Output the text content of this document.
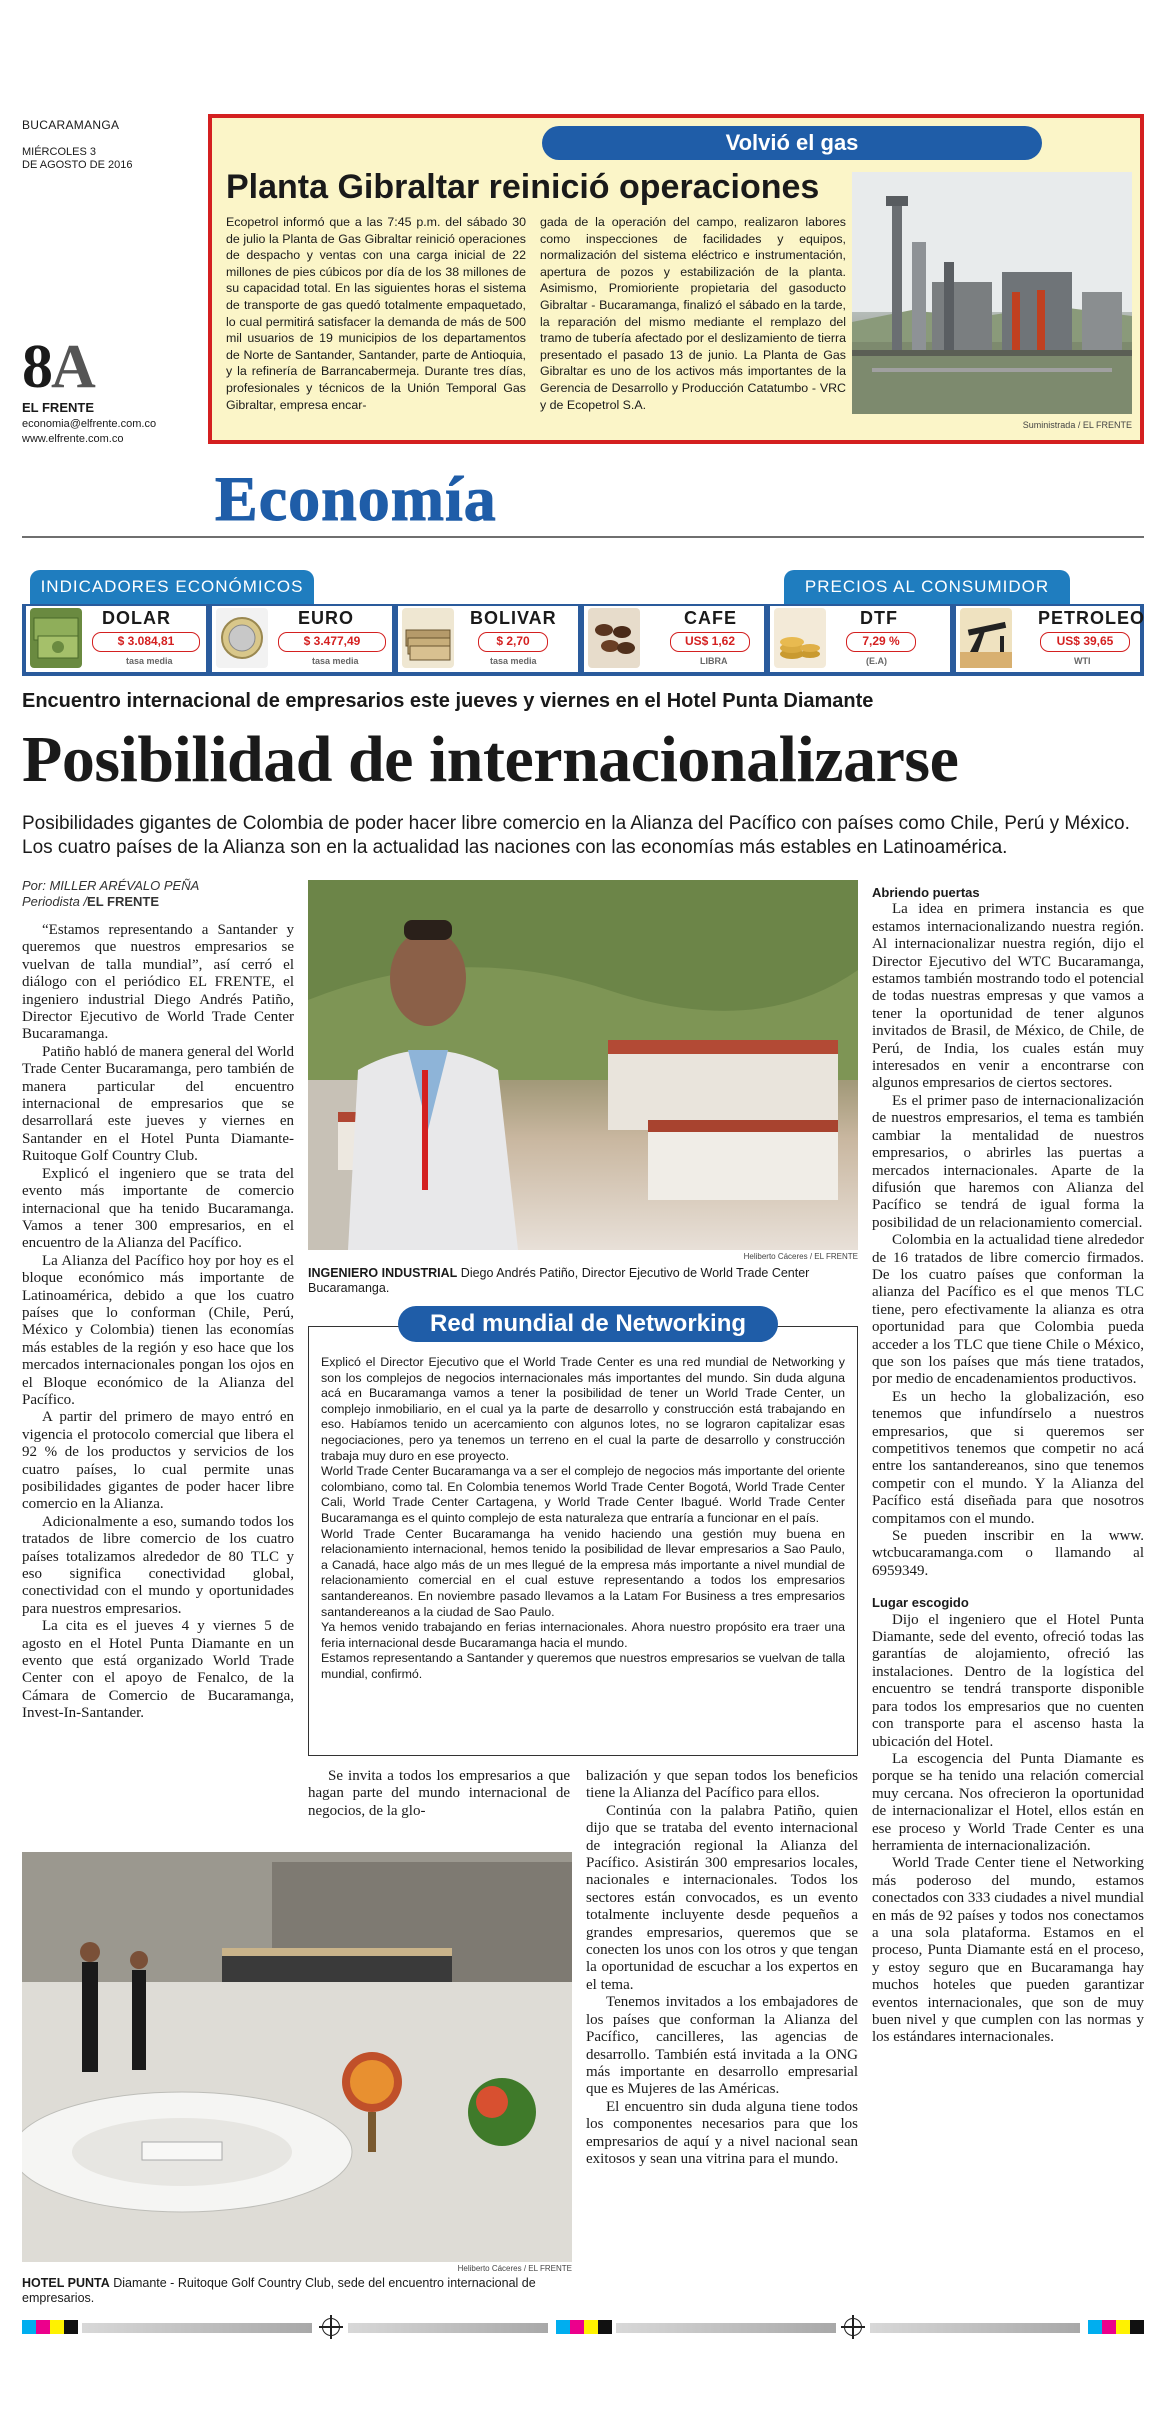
BUCARAMANGA
MIÉRCOLES 3
DE AGOSTO DE 2016
8A
EL FRENTE
economia@elfrente.com.co
www.elfrente.com.co
Volvió el gas
Planta Gibraltar reinició operaciones
Ecopetrol informó que a las 7:45 p.m. del sábado 30 de julio la Planta de Gas Gibraltar reinició operaciones de despacho y ventas con una carga inicial de 22 millones de pies cúbicos por día de los 38 millones de su capacidad total. En las siguientes horas el sistema de transporte de gas quedó totalmente empaquetado, lo cual permitirá satisfacer la demanda de más de 500 mil usuarios de 19 municipios de los departamentos de Norte de Santander, Santander, parte de Antioquia, y la refinería de Barrancabermeja. Durante tres días, profesionales y técnicos de la Unión Temporal Gas Gibraltar, empresa encar-
gada de la operación del campo, realizaron labores como inspecciones de facilidades y equipos, normalización del sistema eléctrico e instrumentación, apertura de pozos y estabilización de la planta. Asimismo, Promioriente propietaria del gasoducto Gibraltar - Bucaramanga, finalizó el sábado en la tarde, la reparación del mismo mediante el remplazo del tramo de tubería afectado por el deslizamiento de tierra presentado el pasado 13 de junio. La Planta de Gas Gibraltar es uno de los activos más importantes de la Gerencia de Desarrollo y Producción Catatumbo - VRC y de Ecopetrol S.A.
Suministrada / EL FRENTE
Economía
INDICADORES ECONÓMICOS	PRECIOS AL CONSUMIDOR
DOLAR
$ 3.084,81
tasa media
EURO
$ 3.477,49
tasa media
BOLIVAR
$ 2,70
tasa media
CAFE
US$ 1,62
LIBRA
DTF
7,29 %
(E.A)
PETROLEO
US$ 39,65
WTI
Encuentro internacional de empresarios este jueves y viernes en el Hotel Punta Diamante
Posibilidad de internacionalizarse
Posibilidades gigantes de Colombia de poder hacer libre comercio en la Alianza del Pacífico con países como Chile, Perú y México. Los cuatro países de la Alianza son en la actualidad las naciones con las economías más estables en Latinoamérica.
Por: MILLER ARÉVALO PEÑA
Periodista /EL FRENTE

“Estamos representando a Santander y queremos que nuestros empresarios se vuelvan de talla mundial”, así cerró el diálogo con el periódico EL FRENTE, el ingeniero industrial Diego Andrés Patiño, Director Ejecutivo de World Trade Center Bucaramanga.

Patiño habló de manera general del World Trade Center Bucaramanga, pero también de manera particular del encuentro internacional de empresarios que se desarrollará este jueves y viernes en Santander en el Hotel Punta Diamante- Ruitoque Golf Country Club.

Explicó el ingeniero que se trata del evento más importante de comercio internacional que ha tenido Bucaramanga. Vamos a tener 300 empresarios, en el encuentro de la Alianza del Pacífico.

La Alianza del Pacífico hoy por hoy es el bloque económico más importante de Latinoamérica, debido a que los cuatro países que lo conforman (Chile, Perú, México y Colombia) tienen las economías más estables de la región y eso hace que los mercados internacionales pongan los ojos en el Bloque económico de la Alianza del Pacífico.

A partir del primero de mayo entró en vigencia el protocolo comercial que libera el 92 % de los productos y servicios de los cuatro países, lo cual permite unas posibilidades gigantes de poder hacer libre comercio en la Alianza.

Adicionalmente a eso, sumando todos los tratados de libre comercio de los cuatro países totalizamos alrededor de 80 TLC y eso significa conectividad global, conectividad con el mundo y oportunidades para nuestros empresarios.

La cita es el jueves 4 y viernes 5 de agosto en el Hotel Punta Diamante en un evento que está organizado World Trade Center con el apoyo de Fenalco, de la Cámara de Comercio de Bucaramanga, Invest-In-Santander.

Heliberto Cáceres / EL FRENTE
INGENIERO INDUSTRIAL Diego Andrés Patiño, Director Ejecutivo de World Trade Center Bucaramanga.
Red mundial de Networking
Explicó el Director Ejecutivo que el World Trade Center es una red mundial de Networking y son los complejos de negocios internacionales más importantes del mundo. Sin duda alguna acá en Bucaramanga vamos a tener la posibilidad de tener un World Trade Center, un complejo inmobiliario, en el cual ya la parte de desarrollo y construcción está trabajando en eso. Habíamos tenido un acercamiento con algunos lotes, no se lograron capitalizar esas negociaciones, pero ya tenemos un terreno en el cual la parte de desarrollo y construcción trabaja muy duro en ese proyecto.
World Trade Center Bucaramanga va a ser el complejo de negocios más importante del oriente colombiano, como tal. En Colombia tenemos World Trade Center Bogotá, World Trade Center Cali, World Trade Center Cartagena, y World Trade Center Ibagué. World Trade Center Bucaramanga es el quinto complejo de esta naturaleza que entraría a funcionar en el país.
World Trade Center Bucaramanga ha venido haciendo una gestión muy buena en relacionamiento internacional, hemos tenido la posibilidad de llevar empresarios a Sao Paulo, a Canadá, hace algo más de un mes llegué de la empresa más importante a nivel mundial de relacionamiento comercial en el cual estuve representando a todos los empresarios santandereanos. En noviembre pasado llevamos a la Latam For Business a tres empresarios santandereanos a la ciudad de Sao Paulo.
Ya hemos venido trabajando en ferias internacionales. Ahora nuestro propósito era traer una feria internacional desde Bucaramanga hacia el mundo.
Estamos representando a Santander y queremos que nuestros empresarios se vuelvan de talla mundial, confirmó.

Se invita a todos los empresarios a que hagan parte del mundo internacional de negocios, de la glo-

balización y que sepan todos los beneficios tiene la Alianza del Pacífico para ellos.

Continúa con la palabra Patiño, quien dijo que se trataba del evento internacional de integración regional la Alianza del Pacífico. Asistirán 300 empresarios locales, nacionales e internacionales. Todos los sectores están convocados, es un evento totalmente incluyente desde pequeños a grandes empresarios, queremos que se conecten los unos con los otros y que tengan la oportunidad de escuchar a los expertos en el tema.

Tenemos invitados a los embajadores de los países que conforman la Alianza del Pacífico, cancilleres, las agencias de desarrollo. También está invitada a la ONG más importante en desarrollo empresarial que es Mujeres de las Américas.

El encuentro sin duda alguna tiene todos los componentes necesarios para que los empresarios de aquí y a nivel nacional sean exitosos y sean una vitrina para el mundo.

Abriendo puertas

La idea en primera instancia es que estamos internacionalizando nuestra región. Al internacionalizar nuestra región, dijo el Director Ejecutivo del WTC Bucaramanga, estamos también mostrando todo el potencial de todas nuestras empresas y que vamos a tener la oportunidad de tener algunos invitados de Brasil, de México, de Chile, de Perú, de India, los cuales están muy interesados en venir a encontrarse con algunos empresarios de ciertos sectores.

Es el primer paso de internacionalización de nuestros empresarios, el tema es también cambiar la mentalidad de nuestros empresarios, o abrirles las puertas a mercados internacionales. Aparte de la difusión que haremos con Alianza del Pacífico se tendrá de igual forma la posibilidad de un relacionamiento comercial.

Colombia en la actualidad tiene alrededor de 16 tratados de libre comercio firmados. De los cuatro países que conforman la alianza del Pacífico es el que menos TLC tiene, pero efectivamente la alianza es otra oportunidad para que Colombia pueda acceder a los TLC que tiene Chile o México, que son los países que más tiene tratados, por medio de encadenamientos productivos.

Es un hecho la globalización, eso tenemos que infundírselo a nuestros empresarios, que si queremos ser competitivos tenemos que competir no acá entre los santandereanos, sino que tenemos competir con el mundo. Y la Alianza del Pacífico está diseñada para que nosotros compitamos con el mundo.

Se pueden inscribir en la www. wtcbucaramanga.com o llamando al 6959349.

Lugar escogido

Dijo el ingeniero que el Hotel Punta Diamante, sede del evento, ofreció todas las garantías de alojamiento, ofreció las instalaciones. Dentro de la logística del encuentro se tendrá transporte disponible para todos los empresarios que no cuenten con transporte para el ascenso hasta la ubicación del Hotel.

La escogencia del Punta Diamante es porque se ha tenido una relación comercial muy cercana. Nos ofrecieron la oportunidad de internacionalizar el Hotel, ellos están en ese proceso y World Trade Center es una herramienta de internacionalización.

World Trade Center tiene el Networking más poderoso del mundo, estamos conectados con 333 ciudades a nivel mundial en más de 92 países y todos nos conectamos a una sola plataforma. Estamos en el proceso, Punta Diamante está en el proceso, y estoy seguro que en Bucaramanga hay muchos hoteles que pueden garantizar eventos internacionales, que son de muy buen nivel y que cumplen con las normas y los estándares internacionales.

Heliberto Cáceres / EL FRENTE
HOTEL PUNTA Diamante - Ruitoque Golf Country Club, sede del encuentro internacional de empresarios.
